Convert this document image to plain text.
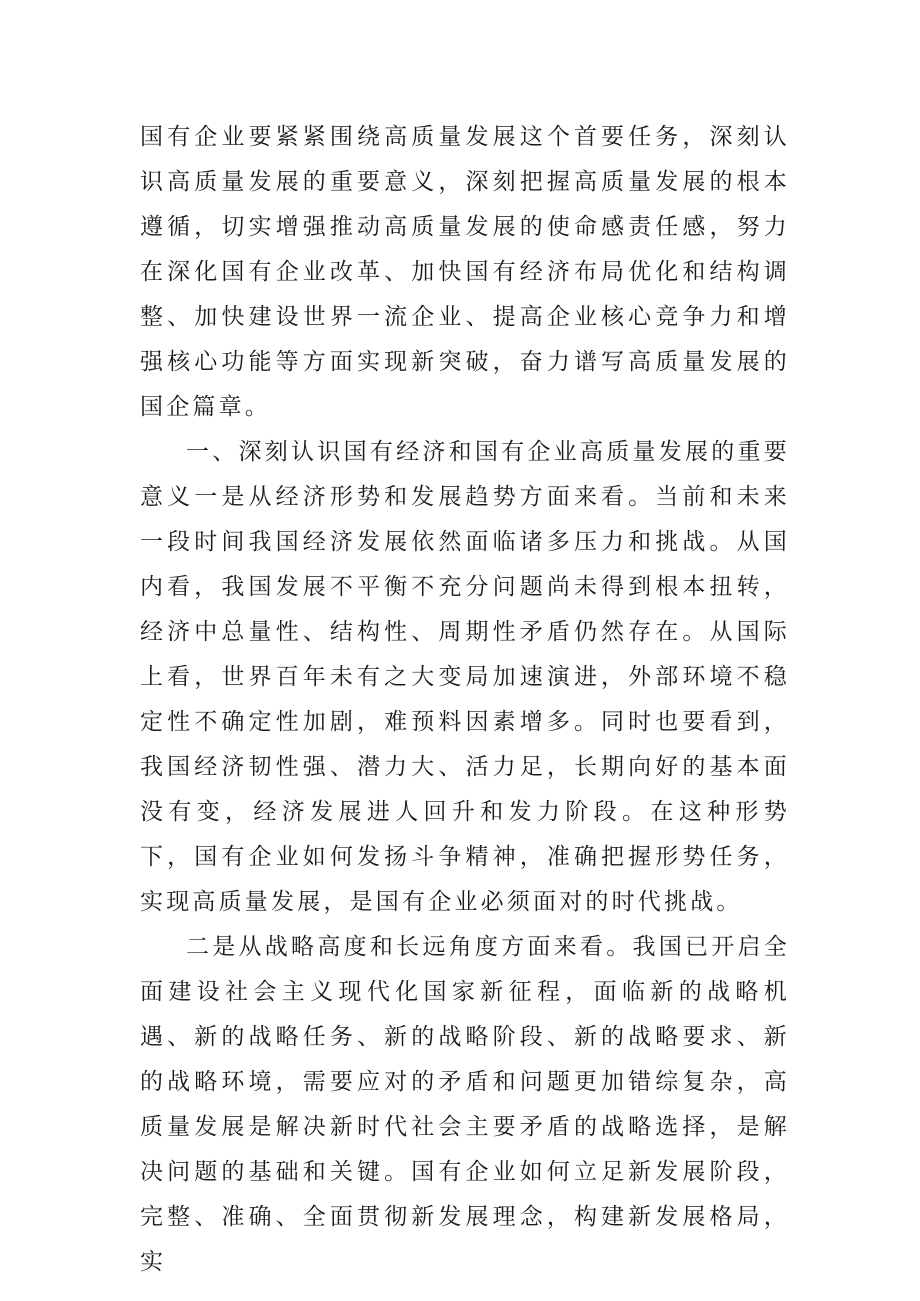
国有企业要紧紧围绕高质量发展这个首要任务，深刻认识高质量发展的重要意义，深刻把握高质量发展的根本遵循，切实增强推动高质量发展的使命感责任感，努力在深化国有企业改革、加快国有经济布局优化和结构调整、加快建设世界一流企业、提高企业核心竞争力和增强核心功能等方面实现新突破，奋力谱写高质量发展的国企篇章。

一、深刻认识国有经济和国有企业高质量发展的重要意义一是从经济形势和发展趋势方面来看。当前和未来一段时间我国经济发展依然面临诸多压力和挑战。从国内看，我国发展不平衡不充分问题尚未得到根本扭转，经济中总量性、结构性、周期性矛盾仍然存在。从国际上看，世界百年未有之大变局加速演进，外部环境不稳定性不确定性加剧，难预料因素增多。同时也要看到，我国经济韧性强、潜力大、活力足，长期向好的基本面没有变，经济发展进人回升和发力阶段。在这种形势下，国有企业如何发扬斗争精神，准确把握形势任务，实现高质量发展，是国有企业必须面对的时代挑战。

二是从战略高度和长远角度方面来看。我国已开启全面建设社会主义现代化国家新征程，面临新的战略机遇、新的战略任务、新的战略阶段、新的战略要求、新的战略环境，需要应对的矛盾和问题更加错综复杂，高质量发展是解决新时代社会主要矛盾的战略选择，是解决问题的基础和关键。国有企业如何立足新发展阶段，完整、准确、全面贯彻新发展理念，构建新发展格局，实
